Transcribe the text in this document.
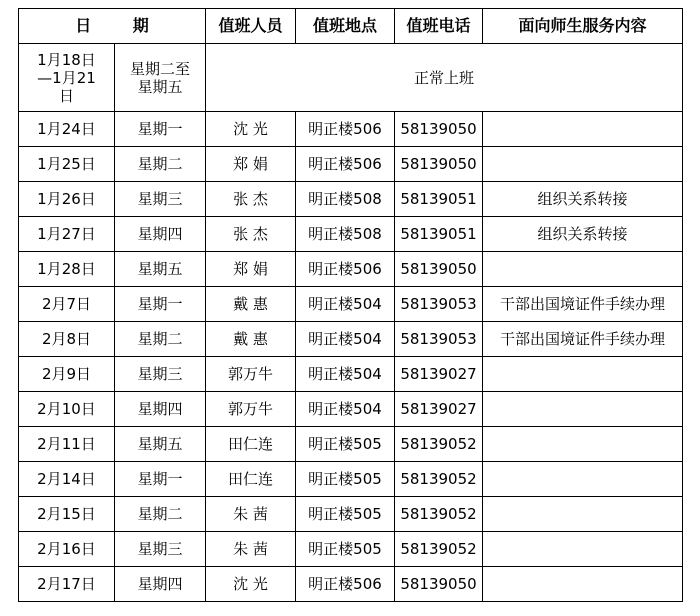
日 期		值班人员	值班地点	值班电话	面向师生服务内容
1月18日—1月21日	星期二至星期五	正常上班			
1月24日	星期一	沈 光	明正楼506	58139050	
1月25日	星期二	郑 娟	明正楼506	58139050	
1月26日	星期三	张 杰	明正楼508	58139051	组织关系转接
1月27日	星期四	张 杰	明正楼508	58139051	组织关系转接
1月28日	星期五	郑 娟	明正楼506	58139050	
2月7日	星期一	戴 惠	明正楼504	58139053	干部出国境证件手续办理
2月8日	星期二	戴 惠	明正楼504	58139053	干部出国境证件手续办理
2月9日	星期三	郭万牛	明正楼504	58139027	
2月10日	星期四	郭万牛	明正楼504	58139027	
2月11日	星期五	田仁连	明正楼505	58139052	
2月14日	星期一	田仁连	明正楼505	58139052	
2月15日	星期二	朱 茜	明正楼505	58139052	
2月16日	星期三	朱 茜	明正楼505	58139052	
2月17日	星期四	沈 光	明正楼506	58139050	
